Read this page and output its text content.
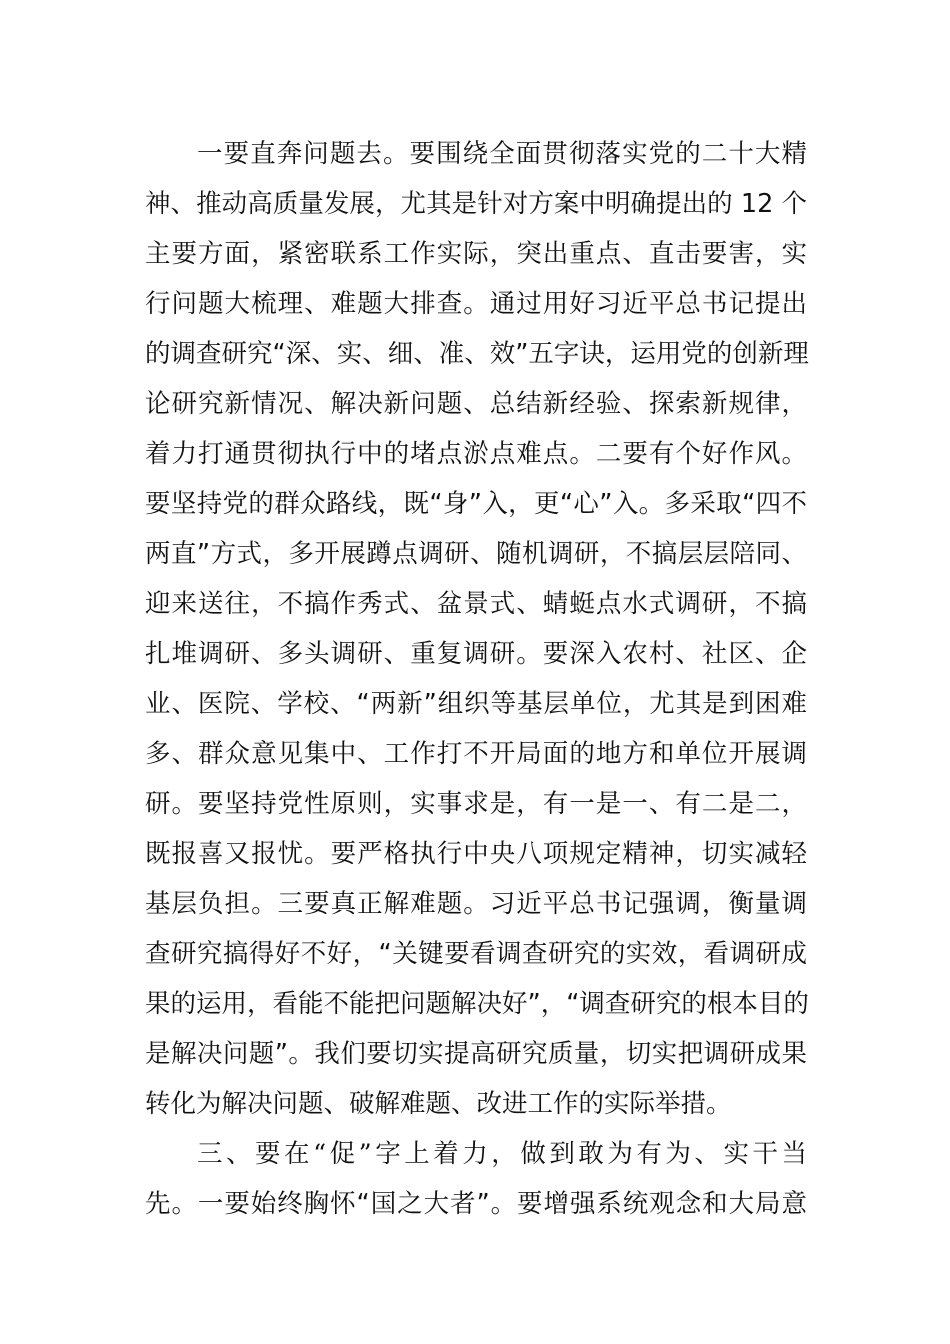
一要直奔问题去。要围绕全面贯彻落实党的二十大精
神、推动高质量发展，尤其是针对方案中明确提出的 12 个
主要方面，紧密联系工作实际，突出重点、直击要害，实
行问题大梳理、难题大排查。通过用好习近平总书记提出
的调查研究“深、实、细、准、效”五字诀，运用党的创新理
论研究新情况、解决新问题、总结新经验、探索新规律，
着力打通贯彻执行中的堵点淤点难点。二要有个好作风。
要坚持党的群众路线，既“身”入，更“心”入。多采取“四不
两直”方式，多开展蹲点调研、随机调研，不搞层层陪同、
迎来送往，不搞作秀式、盆景式、蜻蜓点水式调研，不搞
扎堆调研、多头调研、重复调研。要深入农村、社区、企
业、医院、学校、“两新”组织等基层单位，尤其是到困难
多、群众意见集中、工作打不开局面的地方和单位开展调
研。要坚持党性原则，实事求是，有一是一、有二是二，
既报喜又报忧。要严格执行中央八项规定精神，切实减轻
基层负担。三要真正解难题。习近平总书记强调，衡量调
查研究搞得好不好，“关键要看调查研究的实效，看调研成
果的运用，看能不能把问题解决好”，“调查研究的根本目的
是解决问题”。我们要切实提高研究质量，切实把调研成果
转化为解决问题、破解难题、改进工作的实际举措。
三、要在“促”字上着力，做到敢为有为、实干当
先。一要始终胸怀“国之大者”。要增强系统观念和大局意
